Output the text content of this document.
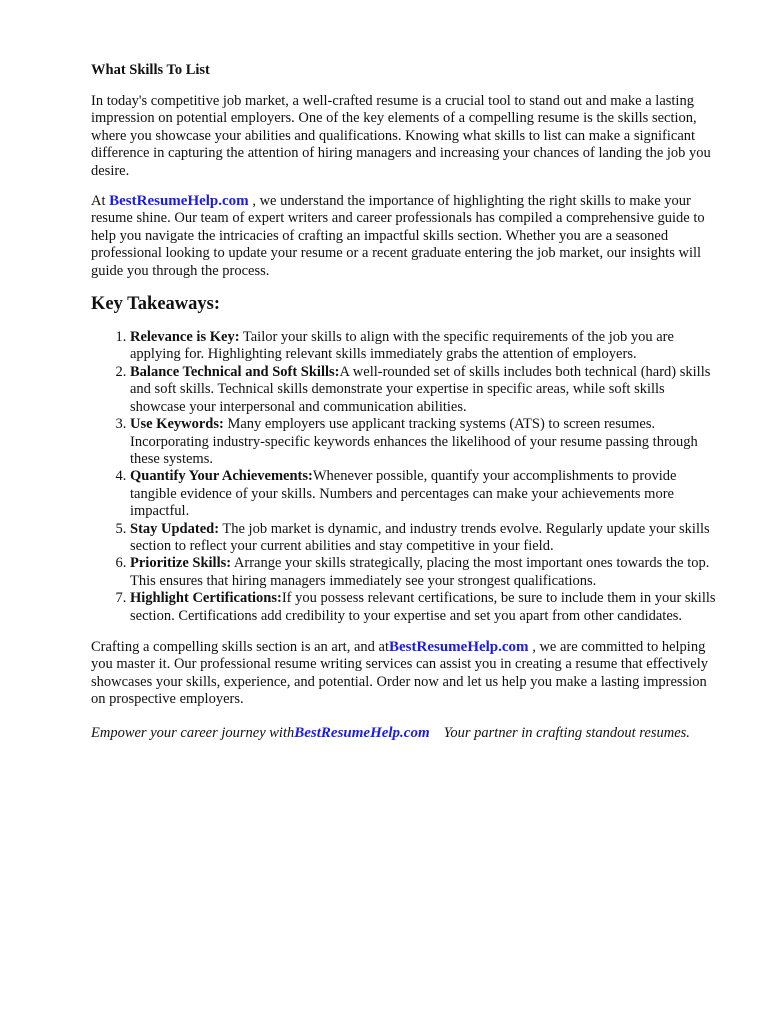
What Skills To List

In today's competitive job market, a well-crafted resume is a crucial tool to stand out and make a lasting impression on potential employers. One of the key elements of a compelling resume is the skills section, where you showcase your abilities and qualifications. Knowing what skills to list can make a significant difference in capturing the attention of hiring managers and increasing your chances of landing the job you desire.

At BestResumeHelp.com , we understand the importance of highlighting the right skills to make your resume shine. Our team of expert writers and career professionals has compiled a comprehensive guide to help you navigate the intricacies of crafting an impactful skills section. Whether you are a seasoned professional looking to update your resume or a recent graduate entering the job market, our insights will guide you through the process.

Key Takeaways:
1. Relevance is Key: Tailor your skills to align with the specific requirements of the job you are applying for. Highlighting relevant skills immediately grabs the attention of employers.
2. Balance Technical and Soft Skills:A well-rounded set of skills includes both technical (hard) skills and soft skills. Technical skills demonstrate your expertise in specific areas, while soft skills showcase your interpersonal and communication abilities.
3. Use Keywords: Many employers use applicant tracking systems (ATS) to screen resumes. Incorporating industry-specific keywords enhances the likelihood of your resume passing through these systems.
4. Quantify Your Achievements:Whenever possible, quantify your accomplishments to provide tangible evidence of your skills. Numbers and percentages can make your achievements more impactful.
5. Stay Updated: The job market is dynamic, and industry trends evolve. Regularly update your skills section to reflect your current abilities and stay competitive in your field.
6. Prioritize Skills: Arrange your skills strategically, placing the most important ones towards the top. This ensures that hiring managers immediately see your strongest qualifications.
7. Highlight Certifications:If you possess relevant certifications, be sure to include them in your skills section. Certifications add credibility to your expertise and set you apart from other candidates.

Crafting a compelling skills section is an art, and atBestResumeHelp.com , we are committed to helping you master it. Our professional resume writing services can assist you in creating a resume that effectively showcases your skills, experience, and potential. Order now and let us help you make a lasting impression on prospective employers.

Empower your career journey withBestResumeHelp.com Your partner in crafting standout resumes.
